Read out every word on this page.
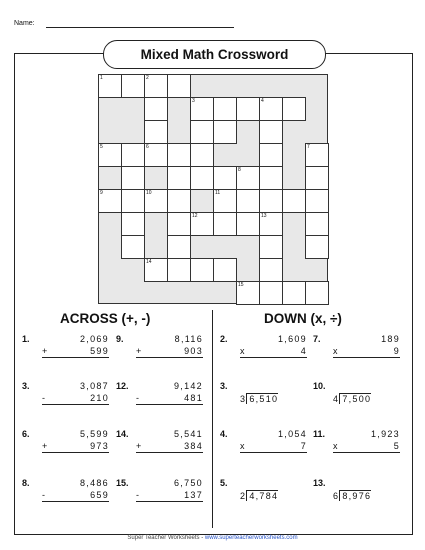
Name:
Mixed Math Crossword
1	2
3	4
5	6	7
8
9	10	11
12	13
14
15
ACROSS (+, -)	DOWN (x, ÷)
1.	2,069
+	599
9.	8,116
+	903
3.	3,087
-	210
12.	9,142
-	481
6.	5,599
+	973
14.	5,541
+	384
8.	8,486
-	659
15.	6,750
-	137
2.	1,609
x	4
7.	189
x	9
3.
3 6,510
10.
4 7,500
4.	1,054
x	7
11.	1,923
x	5
5.
2 4,784
13.
6 8,976
Super Teacher Worksheets - www.superteacherworksheets.com
